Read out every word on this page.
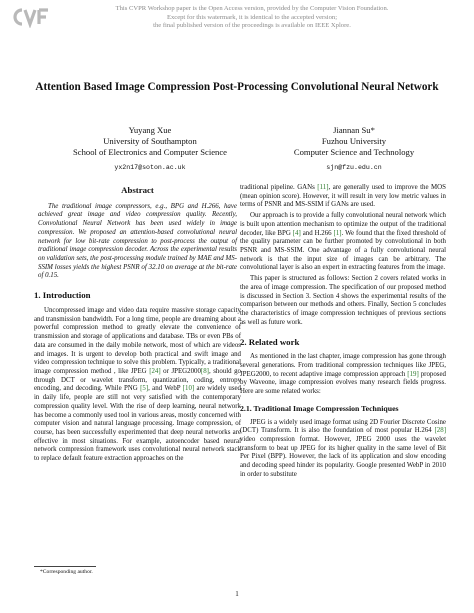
This CVPR Workshop paper is the Open Access version, provided by the Computer Vision Foundation.
Except for this watermark, it is identical to the accepted version;
the final published version of the proceedings is available on IEEE Xplore.
Attention Based Image Compression Post-Processing Convolutional Neural Network
Yuyang Xue
University of Southampton
School of Electronics and Computer Science
yx2n17@soton.ac.uk
Jiannan Su*
Fuzhou University
Computer Science and Technology
sjn@fzu.edu.cn
Abstract

The traditional image compressors, e.g., BPG and H.266, have achieved great image and video compression quality. Recently, Convolutional Neural Network has been used widely in image compression. We proposed an attention-based convolutional neural network for low bit-rate compression to post-process the output of traditional image compression decoder. Across the experimental results on validation sets, the post-processing module trained by MAE and MS-SSIM losses yields the highest PSNR of 32.10 on average at the bit-rate of 0.15.

1. Introduction

Uncompressed image and video data require massive storage capacity and transmission bandwidth. For a long time, people are dreaming about a powerful compression method to greatly elevate the convenience of transmission and storage of applications and database. TBs or even PBs of data are consumed in the daily mobile network, most of which are videos and images. It is urgent to develop both practical and swift image and video compression technique to solve this problem. Typically, a traditional image compression method , like JPEG [24] or JPEG2000[8], should go through DCT or wavelet transform, quantization, coding, entropy encoding, and decoding. While PNG [5], and WebP [10] are widely used in daily life, people are still not very satisfied with the contemporary compression quality level. With the rise of deep learning, neural network has become a commonly used tool in various areas, mostly concerned with computer vision and natural language processing. Image compression, of course, has been successfully experimented that deep neural networks are effective in most situations. For example, autoencoder based neural network compression framework uses convolutional neural network stack to replace default feature extraction approaches on the

traditional pipeline. GANs [11], are generally used to improve the MOS (mean opinion score). However, it will result in very low metric values in terms of PSNR and MS-SSIM if GANs are used.

Our approach is to provide a fully convolutional neural network which is built upon attention mechanism to optimize the output of the traditional decoder, like BPG [4] and H.266 [1]. We found that the fixed threshold of the quality parameter can be further promoted by convolutional in both PSNR and MS-SSIM. One advantage of a fully convolutional neural network is that the input size of images can be arbitrary. The convolutional layer is also an expert in extracting features from the image.

This paper is structured as follows: Section 2 covers related works in the area of image compression. The specification of our proposed method is discussed in Section 3. Section 4 shows the experimental results of the comparison between our methods and others. Finally, Section 5 concludes the characteristics of image compression techniques of previous sections as well as future work.

2. Related work

As mentioned in the last chapter, image compression has gone through several generations. From traditional compression techniques like JPEG, JPEG2000, to recent adaptive image compression approach [19] proposed by Waveone, image compression evolves many research fields progress. Here are some related works:

2.1. Traditional Image Compression Techniques

JPEG is a widely used image format using 2D Fourier Discrete Cosine (DCT) Transform. It is also the foundation of most popular H.264 [28] video compression format. However, JPEG 2000 uses the wavelet transform to beat up JPEG for its higher quality in the same level of Bit Per Pixel (BPP). However, the lack of its application and slow encoding and decoding speed hinder its popularity. Google presented WebP in 2010 in order to substitute

*Corresponding author.
1
